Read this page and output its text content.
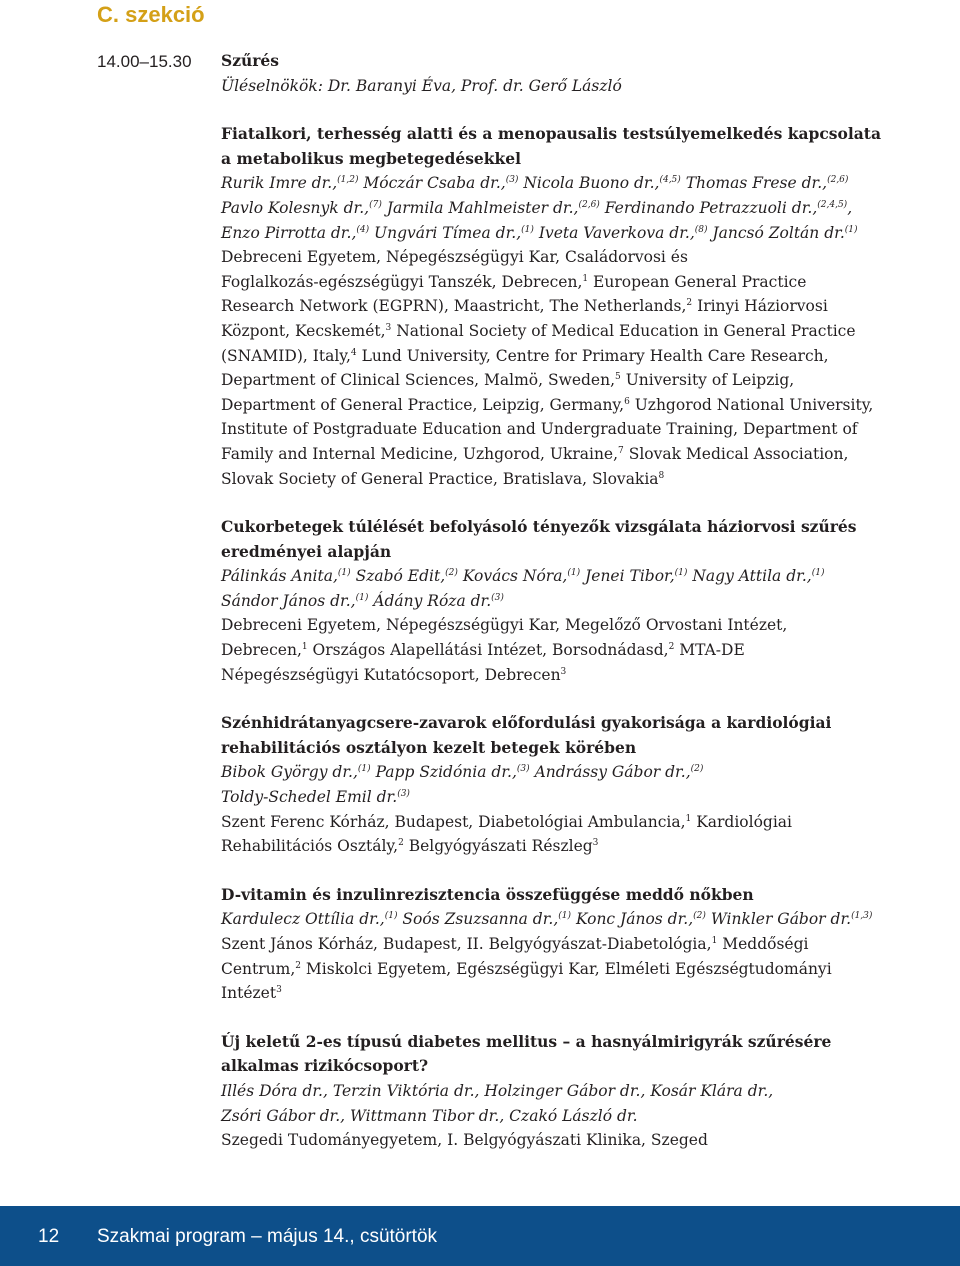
C. szekció
14.00–15.30 Szűrés
Üléselnökök: Dr. Baranyi Éva, Prof. dr. Gerő László
Fiatalkori, terhesség alatti és a menopausalis testsúlyemelkedés kapcsolata
a metabolikus megbetegedésekkel
Rurik Imre dr.,$^{(1,2)}$ Móczár Csaba dr.,$^{(3)}$ Nicola Buono dr.,$^{(4,5)}$ Thomas Frese dr.,$^{(2,6)}$
Pavlo Kolesnyk dr.,$^{(7)}$ Jarmila Mahlmeister dr.,$^{(2,6)}$ Ferdinando Petrazzuoli dr.,$^{(2,4,5)}$,
Enzo Pirrotta dr.,$^{(4)}$ Ungvári Tímea dr.,$^{(1)}$ Iveta Vaverkova dr.,$^{(8)}$ Jancsó Zoltán dr.$^{(1)}$
Debreceni Egyetem, Népegészségügyi Kar, Családorvosi és
Foglalkozás-egészségügyi Tanszék, Debrecen,$^1$ European General Practice
Research Network (EGPRN), Maastricht, The Netherlands,$^2$ Irinyi Háziorvosi
Központ, Kecskemét,$^3$ National Society of Medical Education in General Practice
(SNAMID), Italy,$^4$ Lund University, Centre for Primary Health Care Research,
Department of Clinical Sciences, Malmö, Sweden,$^5$ University of Leipzig,
Department of General Practice, Leipzig, Germany,$^6$ Uzhgorod National University,
Institute of Postgraduate Education and Undergraduate Training, Department of
Family and Internal Medicine, Uzhgorod, Ukraine,$^7$ Slovak Medical Association,
Slovak Society of General Practice, Bratislava, Slovakia$^8$
Cukorbetegek túlélését befolyásoló tényezők vizsgálata háziorvosi szűrés
eredményei alapján
Pálinkás Anita,$^{(1)}$ Szabó Edit,$^{(2)}$ Kovács Nóra,$^{(1)}$ Jenei Tibor,$^{(1)}$ Nagy Attila dr.,$^{(1)}$
Sándor János dr.,$^{(1)}$ Ádány Róza dr.$^{(3)}$
Debreceni Egyetem, Népegészségügyi Kar, Megelőző Orvostani Intézet,
Debrecen,$^1$ Országos Alapellátási Intézet, Borsodnádasd,$^2$ MTA-DE
Népegészségügyi Kutatócsoport, Debrecen$^3$
Szénhidrátanyagcsere-zavarok előfordulási gyakorisága a kardiológiai
rehabilitációs osztályon kezelt betegek körében
Bibok György dr.,$^{(1)}$ Papp Szidónia dr.,$^{(3)}$ Andrássy Gábor dr.,$^{(2)}$
Toldy-Schedel Emil dr.$^{(3)}$
Szent Ferenc Kórház, Budapest, Diabetológiai Ambulancia,$^1$ Kardiológiai
Rehabilitációs Osztály,$^2$ Belgyógyászati Részleg$^3$
D-vitamin és inzulinrezisztencia összefüggése meddő nőkben
Kardulecz Ottília dr.,$^{(1)}$ Soós Zsuzsanna dr.,$^{(1)}$ Konc János dr.,$^{(2)}$ Winkler Gábor dr.$^{(1,3)}$
Szent János Kórház, Budapest, II. Belgyógyászat-Diabetológia,$^1$ Meddőségi
Centrum,$^2$ Miskolci Egyetem, Egészségügyi Kar, Elméleti Egészségtudományi
Intézet$^3$
Új keletű 2-es típusú diabetes mellitus – a hasnyálmirigyrák szűrésére
alkalmas rizikócsoport?
Illés Dóra dr., Terzin Viktória dr., Holzinger Gábor dr., Kosár Klára dr.,
Zsóri Gábor dr., Wittmann Tibor dr., Czakó László dr.
Szegedi Tudományegyetem, I. Belgyógyászati Klinika, Szeged
12 Szakmai program – május 14., csütörtök
